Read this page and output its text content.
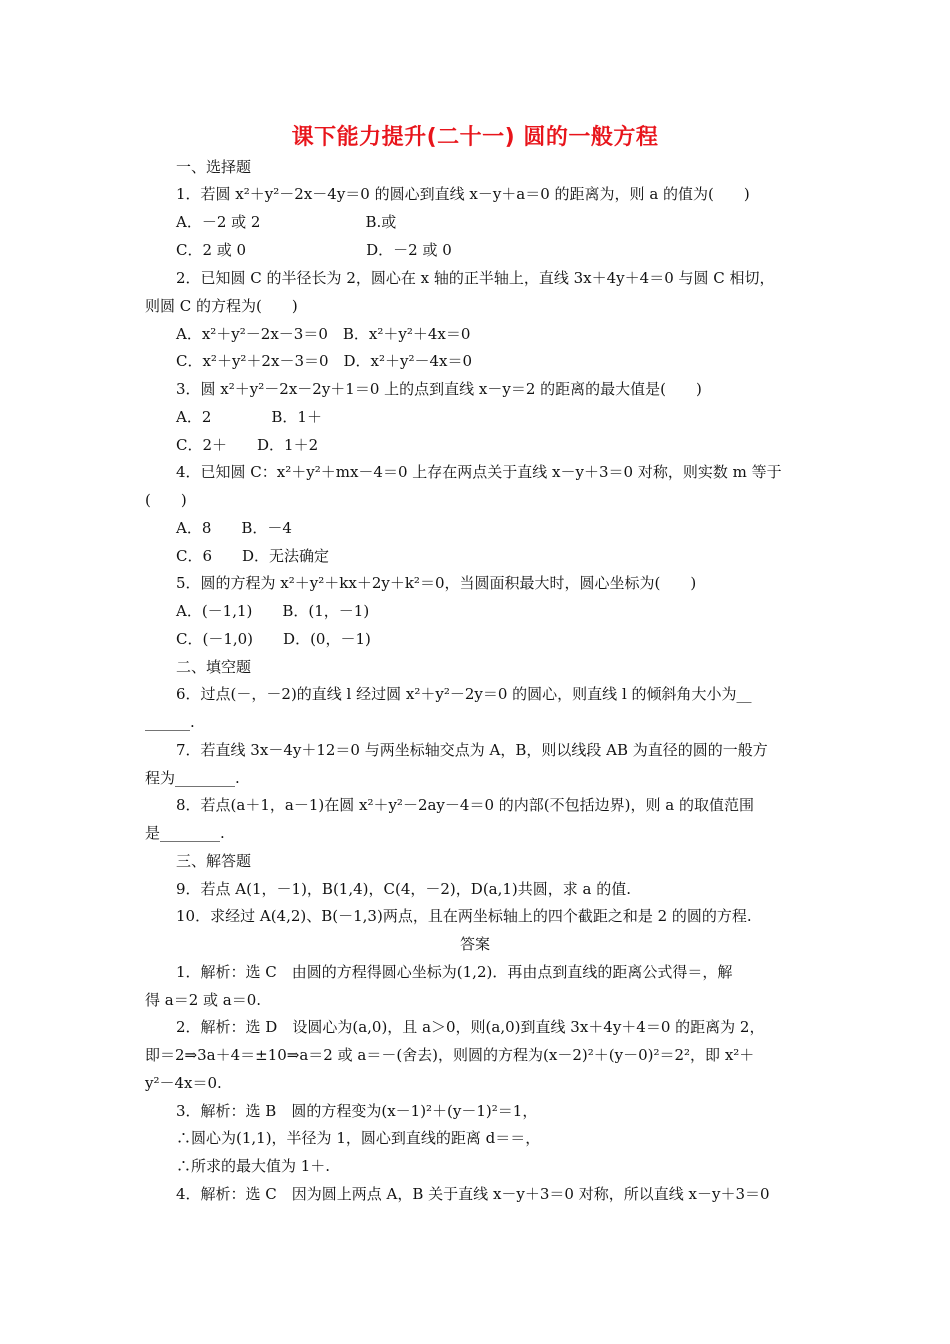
课下能力提升(二十一) 圆的一般方程
一、选择题
1．若圆 x²＋y²－2x－4y＝0 的圆心到直线 x－y＋a＝0 的距离为，则 a 的值为(　　)
A．－2 或 2　　　　　　　B.或
C．2 或 0　　　　　　　　D．－2 或 0
2．已知圆 C 的半径长为 2，圆心在 x 轴的正半轴上，直线 3x＋4y＋4＝0 与圆 C 相切，
则圆 C 的方程为(　　)
A．x²＋y²－2x－3＝0　B．x²＋y²＋4x＝0
C．x²＋y²＋2x－3＝0　D．x²＋y²－4x＝0
3．圆 x²＋y²－2x－2y＋1＝0 上的点到直线 x－y＝2 的距离的最大值是(　　)
A．2　　　　B．1＋
C．2＋　　D．1＋2
4．已知圆 C：x²＋y²＋mx－4＝0 上存在两点关于直线 x－y＋3＝0 对称，则实数 m 等于
(　　)
A．8　　B．－4
C．6　　D．无法确定
5．圆的方程为 x²＋y²＋kx＋2y＋k²＝0，当圆面积最大时，圆心坐标为(　　)
A．(－1,1)　　B．(1，－1)
C．(－1,0)　　D．(0，－1)
二、填空题
6．过点(－，－2)的直线 l 经过圆 x²＋y²－2y＝0 的圆心，则直线 l 的倾斜角大小为__
______.
7．若直线 3x－4y＋12＝0 与两坐标轴交点为 A，B，则以线段 AB 为直径的圆的一般方
程为________.
8．若点(a＋1，a－1)在圆 x²＋y²－2ay－4＝0 的内部(不包括边界)，则 a 的取值范围
是________.
三、解答题
9．若点 A(1，－1)，B(1,4)，C(4，－2)，D(a,1)共圆，求 a 的值.
10．求经过 A(4,2)、B(－1,3)两点，且在两坐标轴上的四个截距之和是 2 的圆的方程.
答案
1．解析：选 C　由圆的方程得圆心坐标为(1,2)．再由点到直线的距离公式得＝，解
得 a＝2 或 a＝0.
2．解析：选 D　设圆心为(a,0)，且 a＞0，则(a,0)到直线 3x＋4y＋4＝0 的距离为 2，
即＝2⇒3a＋4＝±10⇒a＝2 或 a＝－(舍去)，则圆的方程为(x－2)²＋(y－0)²＝2²，即 x²＋
y²－4x＝0.
3．解析：选 B　圆的方程变为(x－1)²＋(y－1)²＝1，
∴圆心为(1,1)，半径为 1，圆心到直线的距离 d＝＝，
∴所求的最大值为 1＋.
4．解析：选 C　因为圆上两点 A，B 关于直线 x－y＋3＝0 对称，所以直线 x－y＋3＝0
